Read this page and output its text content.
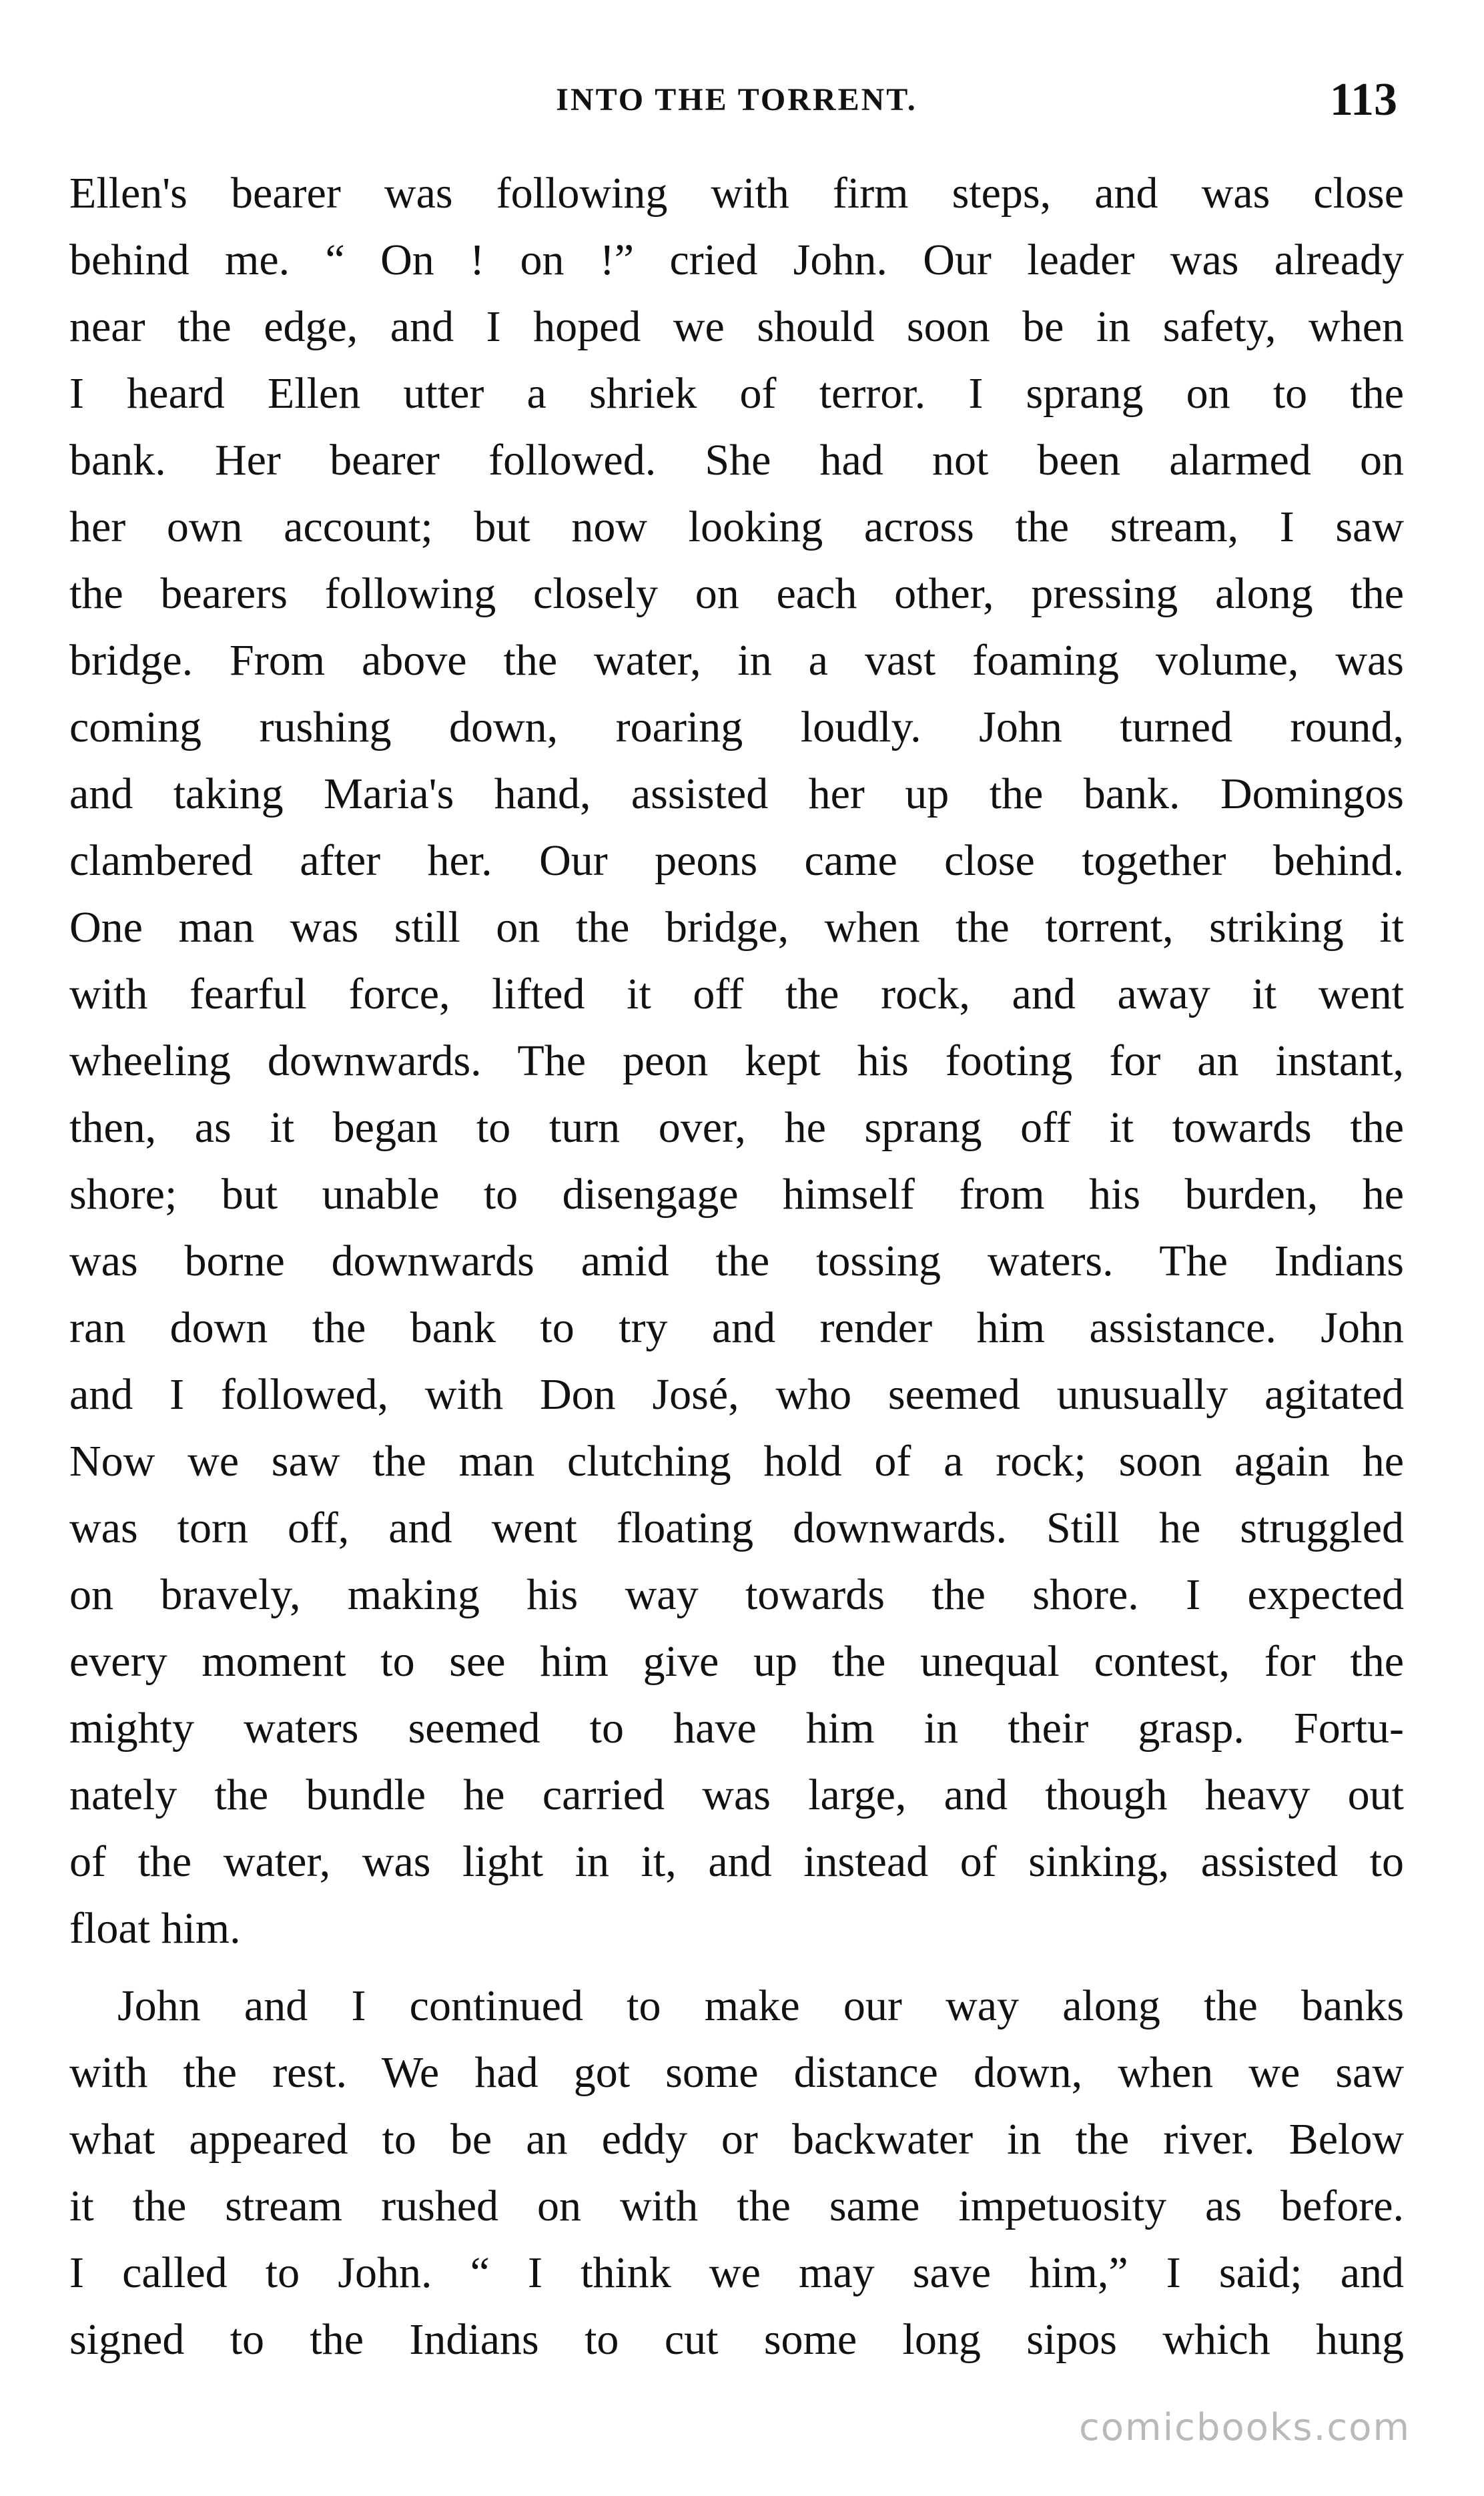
INTO THE TORRENT.	113
Ellen's bearer was following with firm steps, and was close
behind me. “ On ! on !” cried John. Our leader was already
near the edge, and I hoped we should soon be in safety, when
I heard Ellen utter a shriek of terror. I sprang on to the
bank. Her bearer followed. She had not been alarmed on
her own account; but now looking across the stream, I saw
the bearers following closely on each other, pressing along the
bridge. From above the water, in a vast foaming volume, was
coming rushing down, roaring loudly. John turned round,
and taking Maria's hand, assisted her up the bank. Domingos
clambered after her. Our peons came close together behind.
One man was still on the bridge, when the torrent, striking it
with fearful force, lifted it off the rock, and away it went
wheeling downwards. The peon kept his footing for an instant,
then, as it began to turn over, he sprang off it towards the
shore; but unable to disengage himself from his burden, he
was borne downwards amid the tossing waters. The Indians
ran down the bank to try and render him assistance. John
and I followed, with Don José, who seemed unusually agitated
Now we saw the man clutching hold of a rock; soon again he
was torn off, and went floating downwards. Still he struggled
on bravely, making his way towards the shore. I expected
every moment to see him give up the unequal contest, for the
mighty waters seemed to have him in their grasp. Fortu-
nately the bundle he carried was large, and though heavy out
of the water, was light in it, and instead of sinking, assisted to
float him.
John and I continued to make our way along the banks
with the rest. We had got some distance down, when we saw
what appeared to be an eddy or backwater in the river. Below
it the stream rushed on with the same impetuosity as before.
I called to John. “ I think we may save him,” I said; and
signed to the Indians to cut some long sipos which hung
comicbooks.com
